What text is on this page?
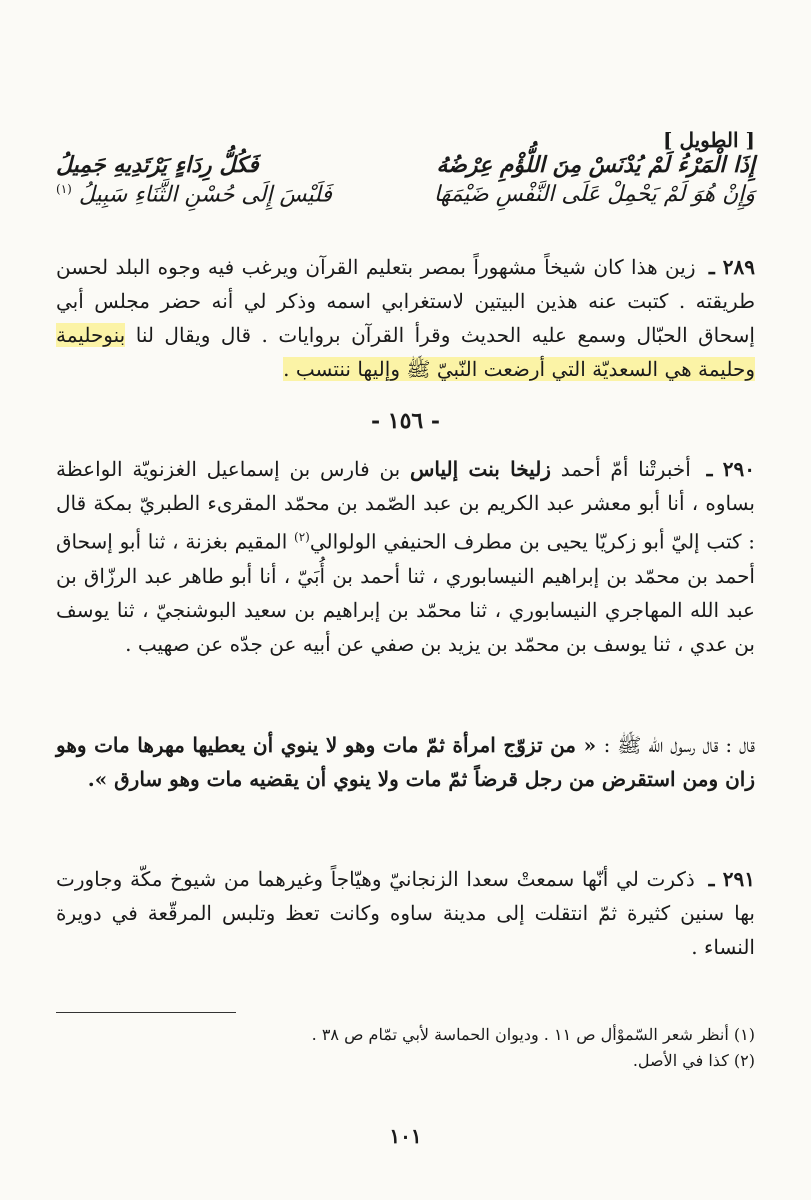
[ الطويل ]
إِذَا الْمَرْءُ لَمْ يُدْنَسْ مِنَ اللُّؤْمِ عِرْضُهُ
فَكُلُّ رِدَاءٍ يَرْتَدِيهِ جَمِيلُ
وَإِنْ هُوَ لَمْ يَحْمِلْ عَلَى النَّفْسِ ضَيْمَهَا
فَلَيْسَ إِلَى حُسْنِ الثَّنَاءِ سَبِيلُ $^{(١)}$
٢٨٩ ـ زين هذا كان شيخاً مشهوراً بمصر بتعليم القرآن ويرغب فيه وجوه البلد لحسن طريقته . كتبت عنه هذين البيتين لاستغرابي اسمه وذكر لي أنه حضر مجلس أبي إسحاق الحبّال وسمع عليه الحديث وقرأ القرآن بروايات . قال ويقال لنا بنوحليمة وحليمة هي السعديّة التي أرضعت النّبيّ ﷺ وإليها ننتسب .
- ١٥٦ -
٢٩٠ ـ أخبرتْنا أمّ أحمد زليخا بنت إلياس بن فارس بن إسماعيل الغزنويّة الواعظة بساوه ، أنا أبو معشر عبد الكريم بن عبد الصّمد بن محمّد المقرىء الطبريّ بمكة قال : كتب إليّ أبو زكريّا يحيى بن مطرف الحنيفي الولوالي$^{(٢)}$ المقيم بغزنة ، ثنا أبو إسحاق أحمد بن محمّد بن إبراهيم النيسابوري ، ثنا أحمد بن أُبَيّ ، أنا أبو طاهر عبد الرزّاق بن عبد الله المهاجري النيسابوري ، ثنا محمّد بن إبراهيم بن سعيد البوشنجيّ ، ثنا يوسف بن عدي ، ثنا يوسف بن محمّد بن يزيد بن صفي عن أبيه عن جدّه عن صهيب .
قال : قال رسول الله ﷺ : « من تزوّج امرأة ثمّ مات وهو لا ينوي أن يعطيها مهرها مات وهو زان ومن استقرض من رجل قرضاً ثمّ مات ولا ينوي أن يقضيه مات وهو سارق ».
٢٩١ ـ ذكرت لي أنّها سمعتْ سعدا الزنجانيّ وهيّاجاً وغيرهما من شيوخ مكّة وجاورت بها سنين كثيرة ثمّ انتقلت إلى مدينة ساوه وكانت تعظ وتلبس المرقّعة في دويرة النساء .
(١) أنظر شعر السّموْأل ص ١١ . وديوان الحماسة لأبي تمّام ص ٣٨ .
(٢) كذا في الأصل.
١٠١
